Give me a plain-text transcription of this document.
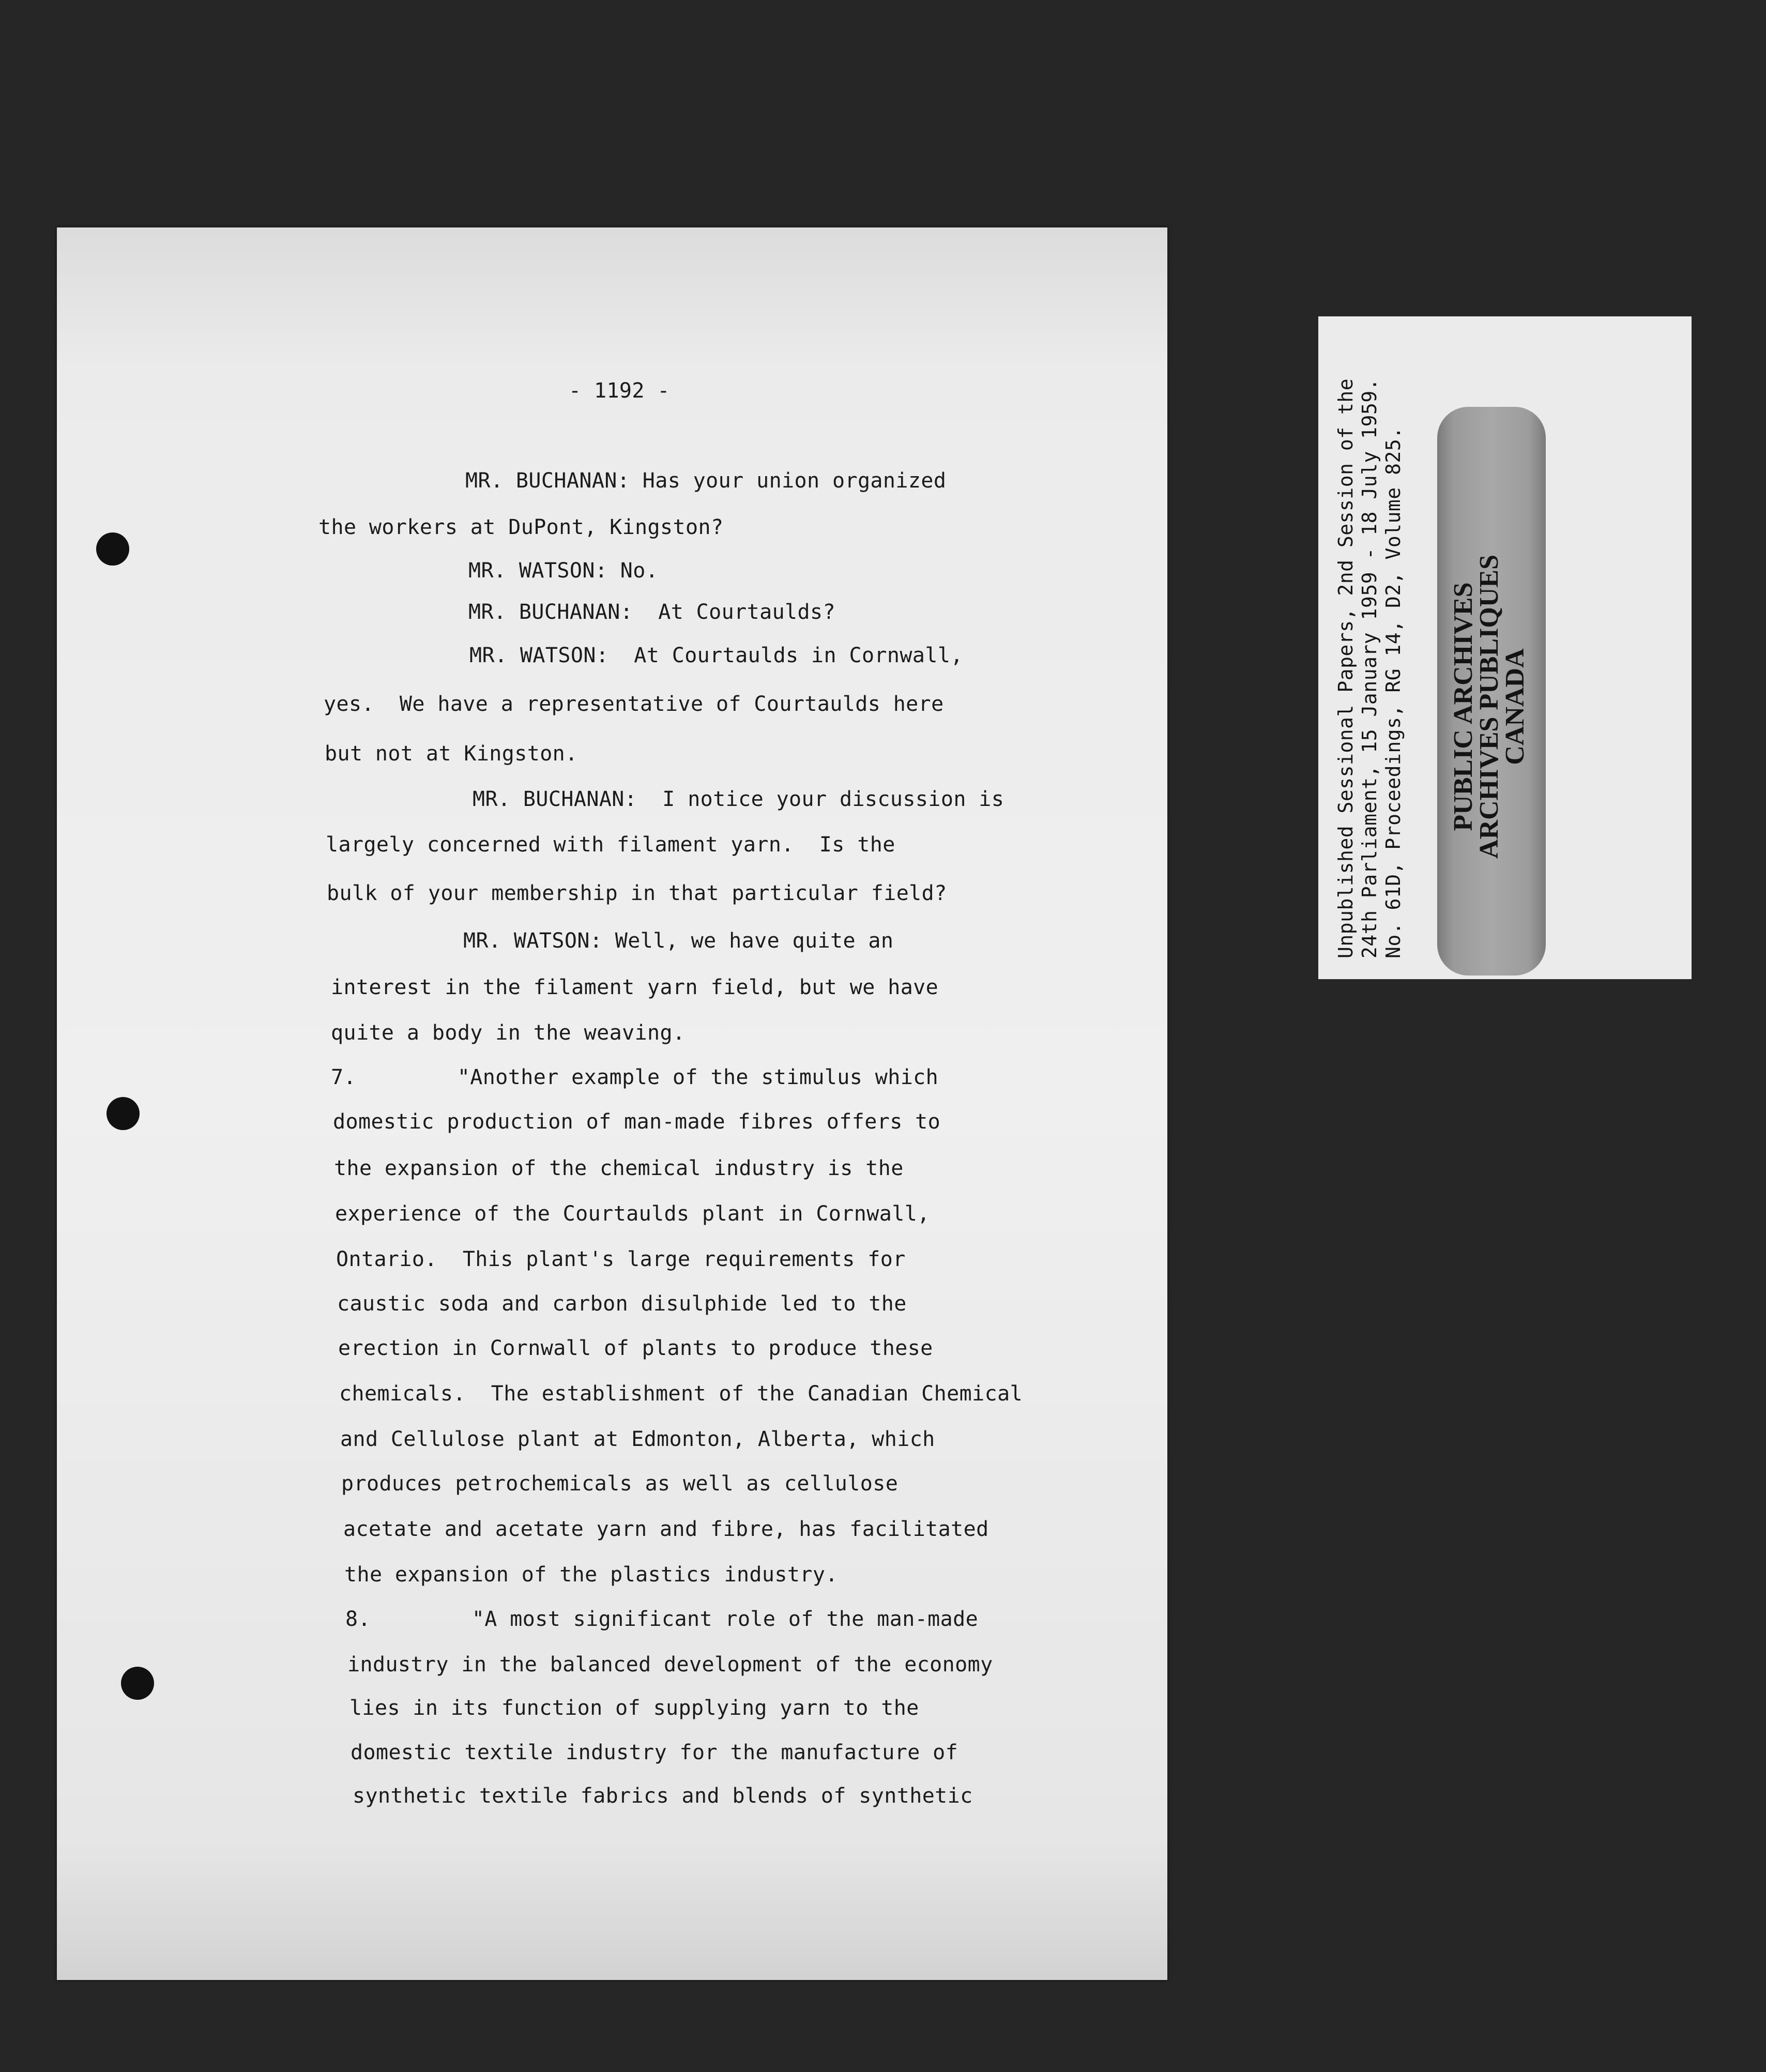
- 1192 -

MR. BUCHANAN: Has your union organized

the workers at DuPont, Kingston?

MR. WATSON: No.

MR. BUCHANAN:  At Courtaulds?

MR. WATSON:  At Courtaulds in Cornwall,

yes.  We have a representative of Courtaulds here

but not at Kingston.

MR. BUCHANAN:  I notice your discussion is

largely concerned with filament yarn.  Is the

bulk of your membership in that particular field?

MR. WATSON: Well, we have quite an

interest in the filament yarn field, but we have

quite a body in the weaving.

7.        "Another example of the stimulus which

domestic production of man-made fibres offers to

the expansion of the chemical industry is the

experience of the Courtaulds plant in Cornwall,

Ontario.  This plant's large requirements for

caustic soda and carbon disulphide led to the

erection in Cornwall of plants to produce these

chemicals.  The establishment of the Canadian Chemical

and Cellulose plant at Edmonton, Alberta, which

produces petrochemicals as well as cellulose

acetate and acetate yarn and fibre, has facilitated

the expansion of the plastics industry.

8.        "A most significant role of the man-made

industry in the balanced development of the economy

lies in its function of supplying yarn to the

domestic textile industry for the manufacture of

synthetic textile fabrics and blends of synthetic

Unpublished Sessional Papers, 2nd Session of the 24th Parliament, 15 January 1959 - 18 July 1959. No. 61D, Proceedings, RG 14, D2, Volume 825. PUBLIC ARCHIVES

ARCHIVES PUBLIQUES

CANADA
